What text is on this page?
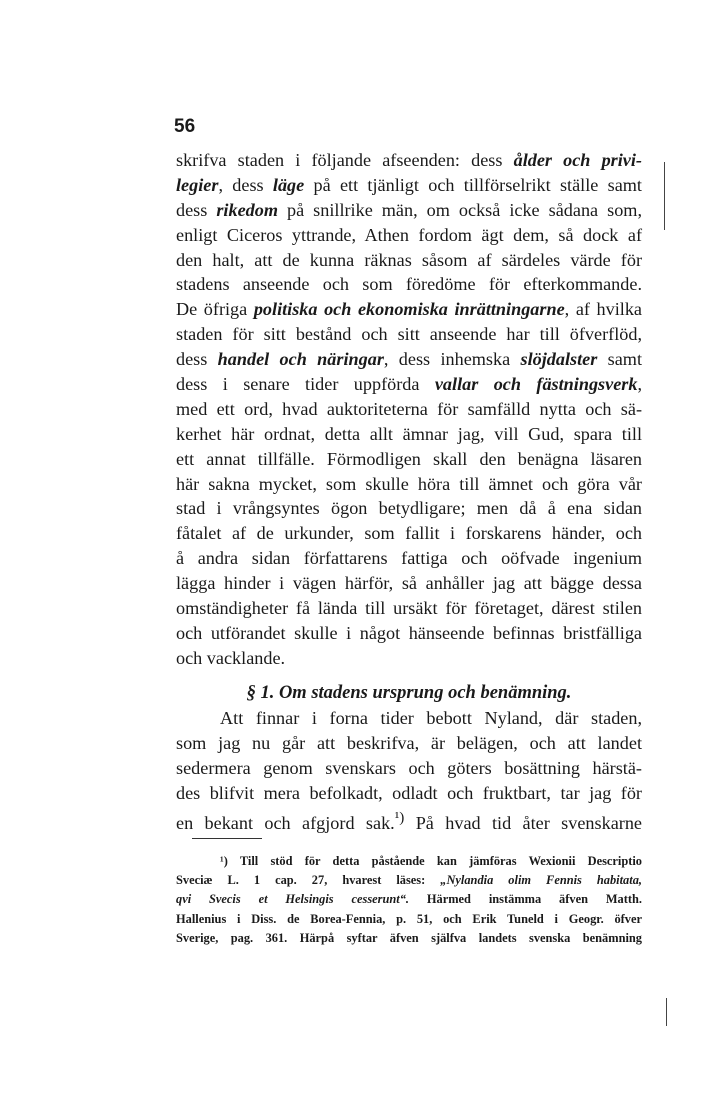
56
skrifva staden i följande afseenden: dess ålder och privi-
legier, dess läge på ett tjänligt och tillförselrikt ställe samt
dess rikedom på snillrike män, om också icke sådana som,
enligt Ciceros yttrande, Athen fordom ägt dem, så dock af
den halt, att de kunna räknas såsom af särdeles värde för
stadens anseende och som föredöme för efterkommande.
De öfriga politiska och ekonomiska inrättningarne, af hvilka
staden för sitt bestånd och sitt anseende har till öfverflöd,
dess handel och näringar, dess inhemska slöjdalster samt
dess i senare tider uppförda vallar och fästningsverk,
med ett ord, hvad auktoriteterna för samfälld nytta och sä-
kerhet här ordnat, detta allt ämnar jag, vill Gud, spara till
ett annat tillfälle. Förmodligen skall den benägna läsaren
här sakna mycket, som skulle höra till ämnet och göra vår
stad i vrångsyntes ögon betydligare; men då å ena sidan
fåtalet af de urkunder, som fallit i forskarens händer, och
å andra sidan författarens fattiga och oöfvade ingenium
lägga hinder i vägen härför, så anhåller jag att bägge dessa
omständigheter få lända till ursäkt för företaget, därest stilen
och utförandet skulle i något hänseende befinnas bristfälliga
och vacklande.
§ 1. Om stadens ursprung och benämning.
Att finnar i forna tider bebott Nyland, där staden,
som jag nu går att beskrifva, är belägen, och att landet
sedermera genom svenskars och göters bosättning härstä-
des blifvit mera befolkadt, odladt och fruktbart, tar jag för
en bekant och afgjord sak.$^{^1)}$ På hvad tid åter svenskarne
¹) Till stöd för detta påstående kan jämföras Wexionii Descriptio
Sveciæ L. 1 cap. 27, hvarest läses: „Nylandia olim Fennis habitata,
qvi Svecis et Helsingis cesserunt“. Härmed instämma äfven Matth.
Hallenius i Diss. de Borea-Fennia, p. 51, och Erik Tuneld i Geogr. öfver
Sverige, pag. 361. Härpå syftar äfven själfva landets svenska benämning
